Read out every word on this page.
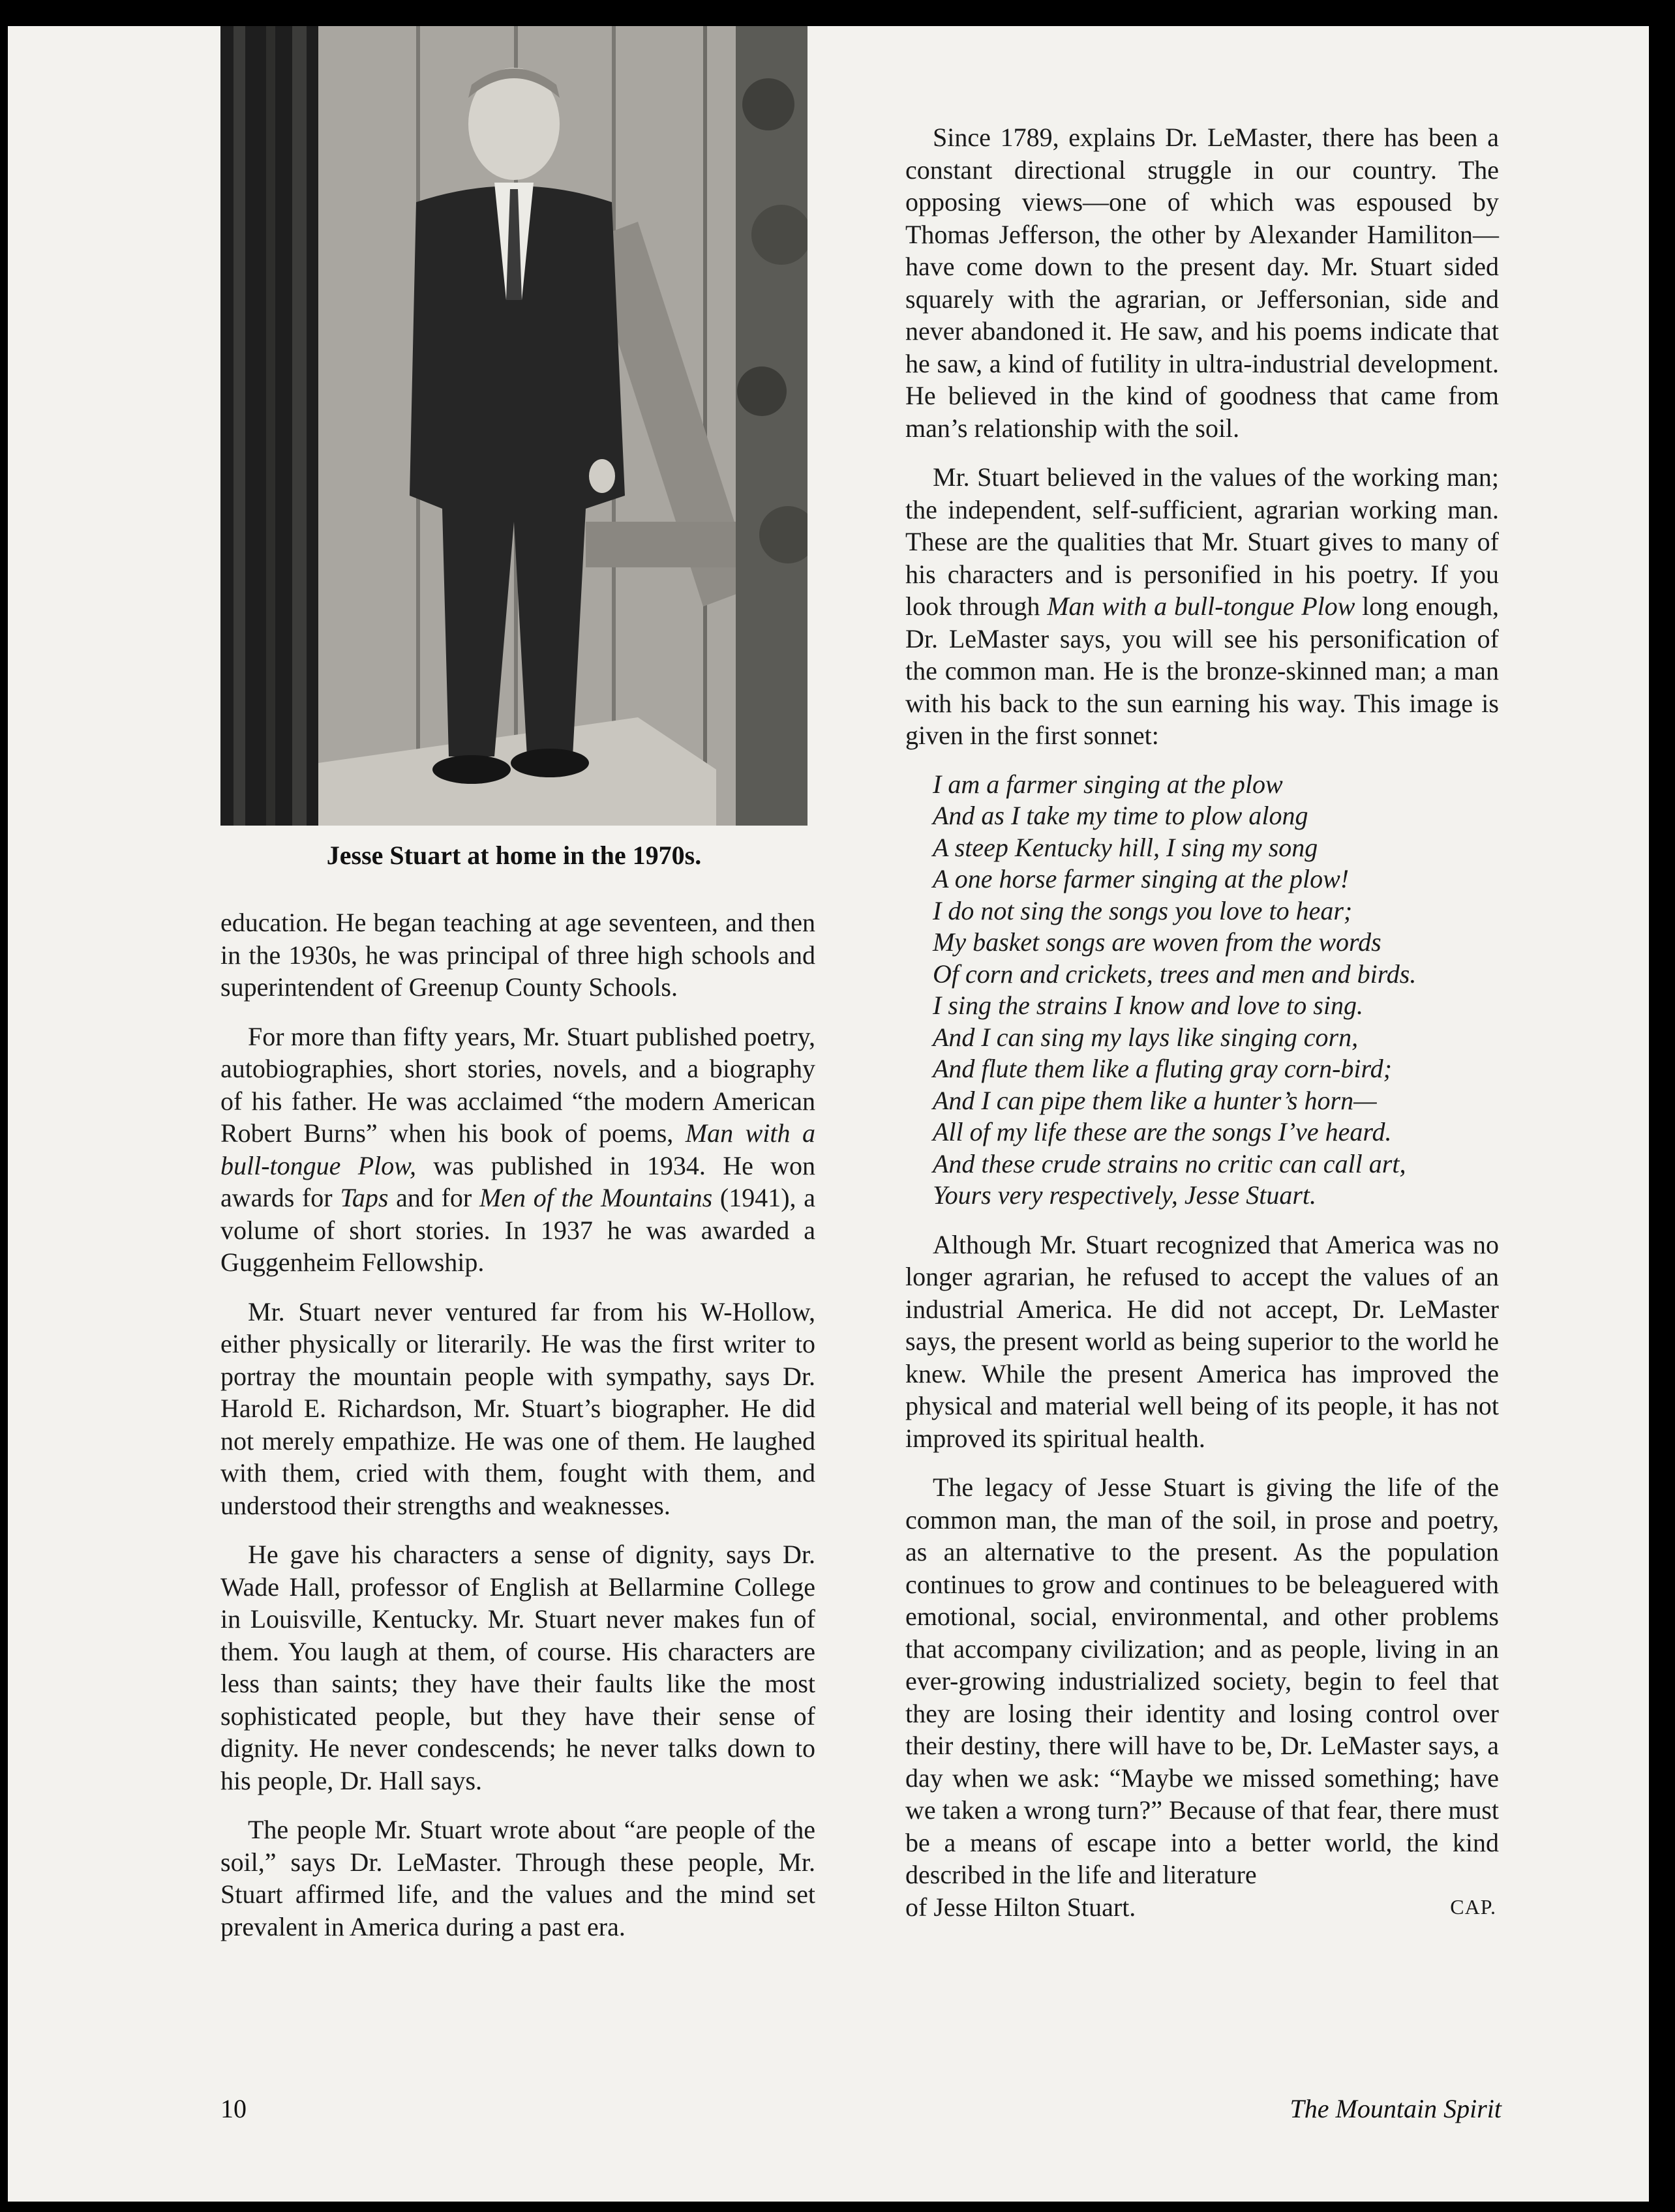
Jesse Stuart at home in the 1970s.

education. He began teaching at age seventeen, and then in the 1930s, he was principal of three high schools and superintendent of Greenup County Schools.

For more than fifty years, Mr. Stuart published poetry, autobiographies, short stories, novels, and a biography of his father. He was acclaimed “the modern American Robert Burns” when his book of poems, Man with a bull-tongue Plow, was published in 1934. He won awards for Taps and for Men of the Mountains (1941), a volume of short stories. In 1937 he was awarded a Guggenheim Fellowship.

Mr. Stuart never ventured far from his W-Hollow, either physically or literarily. He was the first writer to portray the mountain people with sympathy, says Dr. Harold E. Richardson, Mr. Stuart’s biographer. He did not merely empathize. He was one of them. He laughed with them, cried with them, fought with them, and understood their strengths and weaknesses.

He gave his characters a sense of dignity, says Dr. Wade Hall, professor of English at Bellarmine College in Louisville, Kentucky. Mr. Stuart never makes fun of them. You laugh at them, of course. His characters are less than saints; they have their faults like the most sophisticated people, but they have their sense of dignity. He never condescends; he never talks down to his people, Dr. Hall says.

The people Mr. Stuart wrote about “are people of the soil,” says Dr. LeMaster. Through these people, Mr. Stuart affirmed life, and the values and the mind set prevalent in America during a past era.

Since 1789, explains Dr. LeMaster, there has been a constant directional struggle in our country. The opposing views—one of which was espoused by Thomas Jefferson, the other by Alexander Hamiliton—have come down to the present day. Mr. Stuart sided squarely with the agrarian, or Jeffersonian, side and never abandoned it. He saw, and his poems indicate that he saw, a kind of futility in ultra-industrial development. He believed in the kind of goodness that came from man’s relationship with the soil.

Mr. Stuart believed in the values of the working man; the independent, self-sufficient, agrarian working man. These are the qualities that Mr. Stuart gives to many of his characters and is personified in his poetry. If you look through Man with a bull-tongue Plow long enough, Dr. LeMaster says, you will see his personification of the common man. He is the bronze-skinned man; a man with his back to the sun earning his way. This image is given in the first sonnet:

I am a farmer singing at the plow
And as I take my time to plow along
A steep Kentucky hill, I sing my song
A one horse farmer singing at the plow!
I do not sing the songs you love to hear;
My basket songs are woven from the words
Of corn and crickets, trees and men and birds.
I sing the strains I know and love to sing.
And I can sing my lays like singing corn,
And flute them like a fluting gray corn-bird;
And I can pipe them like a hunter’s horn—
All of my life these are the songs I’ve heard.
And these crude strains no critic can call art,
Yours very respectively, Jesse Stuart.

Although Mr. Stuart recognized that America was no longer agrarian, he refused to accept the values of an industrial America. He did not accept, Dr. LeMaster says, the present world as being superior to the world he knew. While the present America has improved the physical and material well being of its people, it has not improved its spiritual health.

The legacy of Jesse Stuart is giving the life of the common man, the man of the soil, in prose and poetry, as an alternative to the present. As the population continues to grow and continues to be beleaguered with emotional, social, environmental, and other problems that accompany civilization; and as people, living in an ever-growing industrialized society, begin to feel that they are losing their identity and losing control over their destiny, there will have to be, Dr. LeMaster says, a day when we ask: “Maybe we missed something; have we taken a wrong turn?” Because of that fear, there must be a means of escape into a better world, the kind described in the life and literature

of Jesse Hilton Stuart.	CAP.
10	The Mountain Spirit
